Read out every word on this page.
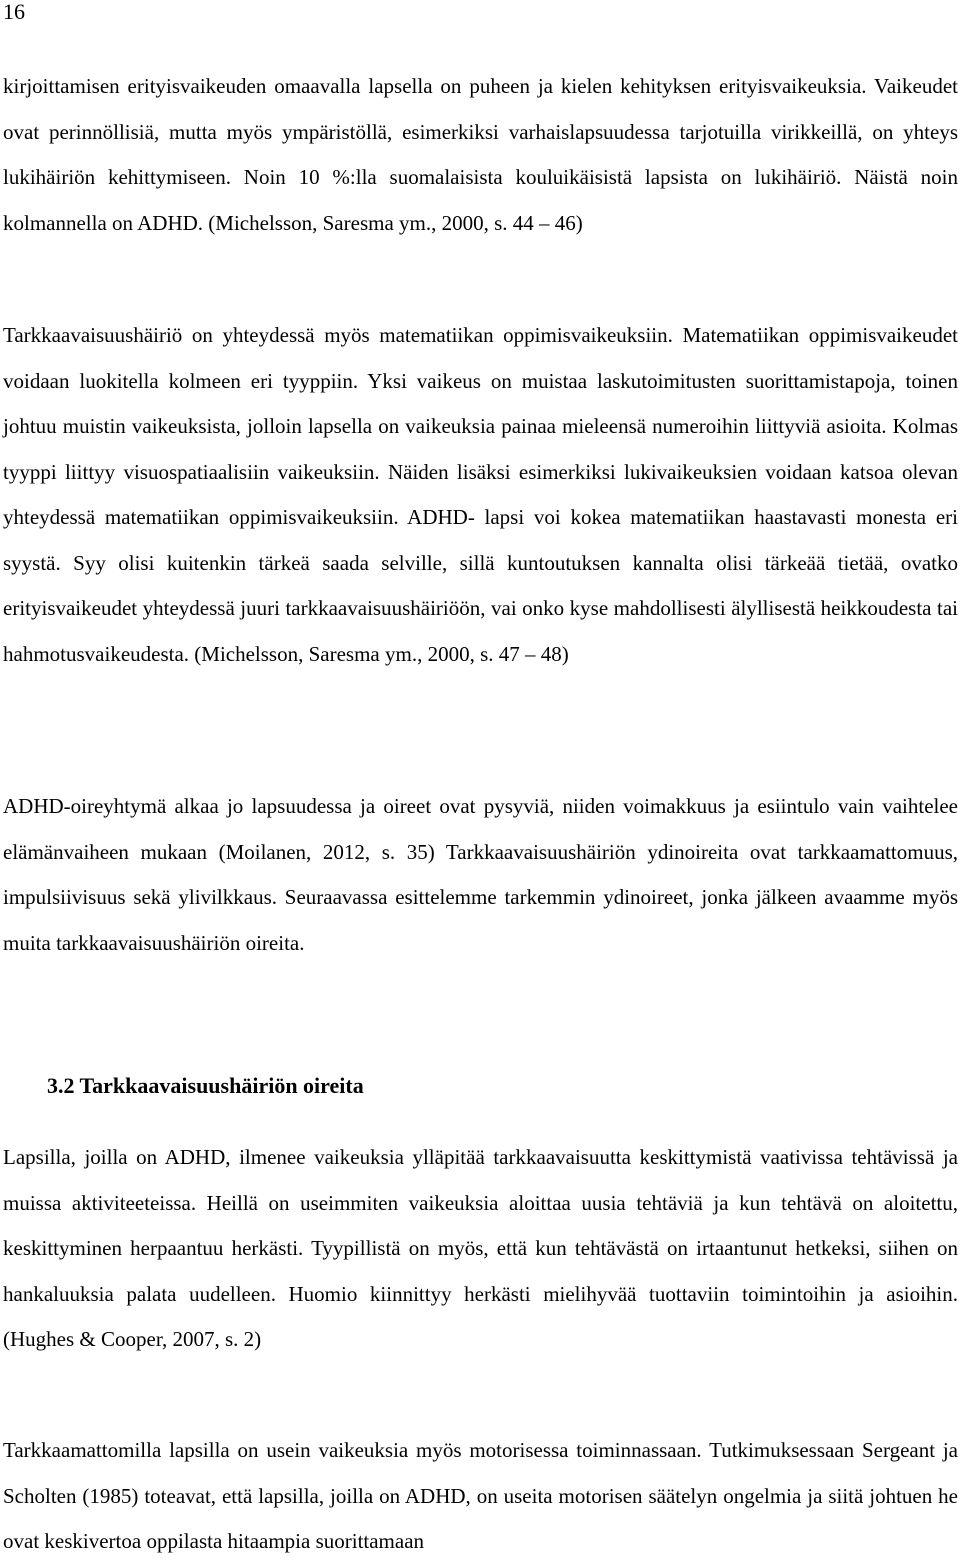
16

kirjoittamisen erityisvaikeuden omaavalla lapsella on puheen ja kielen kehityksen erityisvaikeuksia. Vaikeudet ovat perinnöllisiä, mutta myös ympäristöllä, esimerkiksi varhaislapsuudessa tarjotuilla virikkeillä, on yhteys lukihäiriön kehittymiseen. Noin 10 %:lla suomalaisista kouluikäisistä lapsista on lukihäiriö. Näistä noin kolmannella on ADHD. (Michelsson, Saresma ym., 2000, s. 44 – 46)

Tarkkaavaisuushäiriö on yhteydessä myös matematiikan oppimisvaikeuksiin. Matematiikan oppimisvaikeudet voidaan luokitella kolmeen eri tyyppiin. Yksi vaikeus on muistaa laskutoimitusten suorittamistapoja, toinen johtuu muistin vaikeuksista, jolloin lapsella on vaikeuksia painaa mieleensä numeroihin liittyviä asioita. Kolmas tyyppi liittyy visuospatiaalisiin vaikeuksiin. Näiden lisäksi esimerkiksi lukivaikeuksien voidaan katsoa olevan yhteydessä matematiikan oppimisvaikeuksiin. ADHD- lapsi voi kokea matematiikan haastavasti monesta eri syystä. Syy olisi kuitenkin tärkeä saada selville, sillä kuntoutuksen kannalta olisi tärkeää tietää, ovatko erityisvaikeudet yhteydessä juuri tarkkaavaisuushäiriöön, vai onko kyse mahdollisesti älyllisestä heikkoudesta tai hahmotusvaikeudesta. (Michelsson, Saresma ym., 2000, s. 47 – 48)

ADHD-oireyhtymä alkaa jo lapsuudessa ja oireet ovat pysyviä, niiden voimakkuus ja esiintulo vain vaihtelee elämänvaiheen mukaan (Moilanen, 2012, s. 35) Tarkkaavaisuushäiriön ydinoireita ovat tarkkaamattomuus, impulsiivisuus sekä ylivilkkaus. Seuraavassa esittelemme tarkemmin ydinoireet, jonka jälkeen avaamme myös muita tarkkaavaisuushäiriön oireita.

3.2 Tarkkaavaisuushäiriön oireita

Lapsilla, joilla on ADHD, ilmenee vaikeuksia ylläpitää tarkkaavaisuutta keskittymistä vaativissa tehtävissä ja muissa aktiviteeteissa. Heillä on useimmiten vaikeuksia aloittaa uusia tehtäviä ja kun tehtävä on aloitettu, keskittyminen herpaantuu herkästi. Tyypillistä on myös, että kun tehtävästä on irtaantunut hetkeksi, siihen on hankaluuksia palata uudelleen. Huomio kiinnittyy herkästi mielihyvää tuottaviin toimintoihin ja asioihin. (Hughes & Cooper, 2007, s. 2)

Tarkkaamattomilla lapsilla on usein vaikeuksia myös motorisessa toiminnassaan. Tutkimuksessaan Sergeant ja Scholten (1985) toteavat, että lapsilla, joilla on ADHD, on useita motorisen säätelyn ongelmia ja siitä johtuen he ovat keskivertoa oppilasta hitaampia suorittamaan
